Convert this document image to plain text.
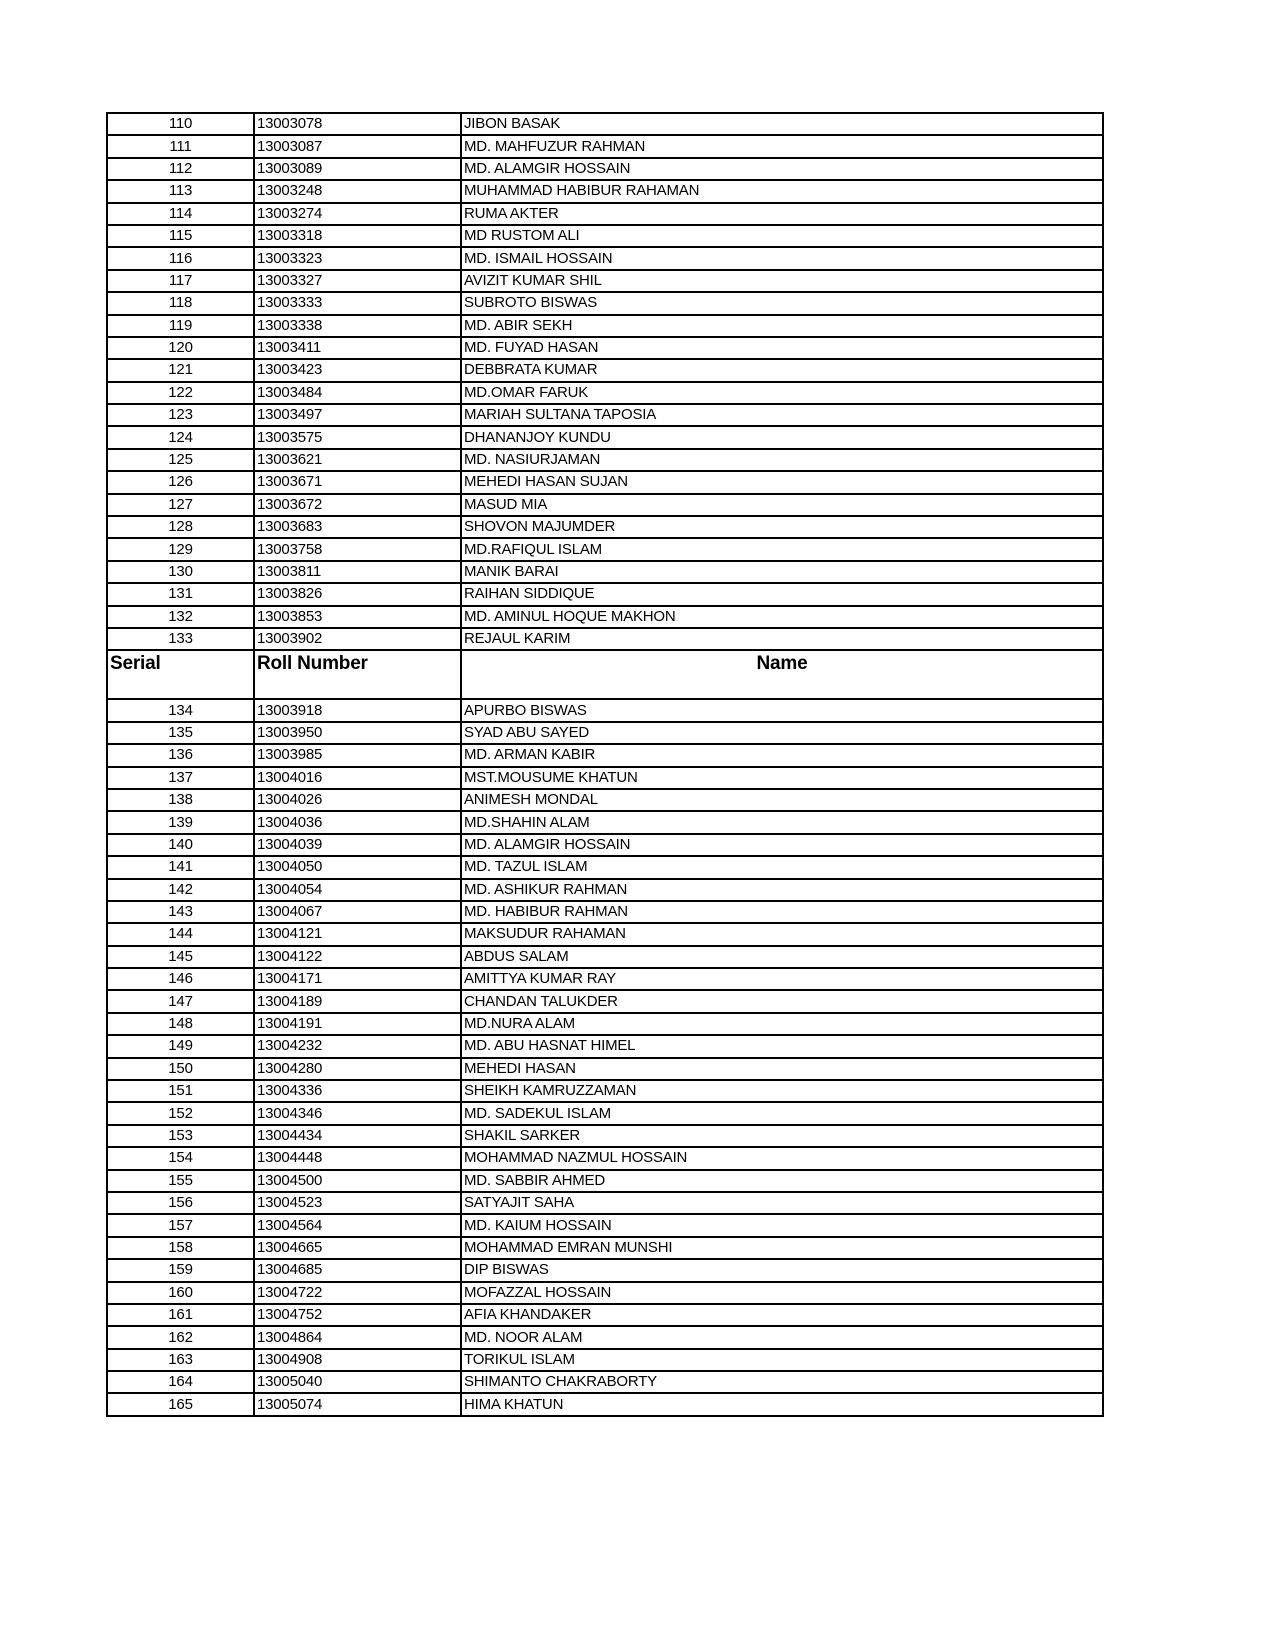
110	13003078	JIBON BASAK
111	13003087	MD. MAHFUZUR RAHMAN
112	13003089	MD. ALAMGIR HOSSAIN
113	13003248	MUHAMMAD HABIBUR RAHAMAN
114	13003274	RUMA AKTER
115	13003318	MD RUSTOM ALI
116	13003323	MD. ISMAIL HOSSAIN
117	13003327	AVIZIT KUMAR SHIL
118	13003333	SUBROTO BISWAS
119	13003338	MD. ABIR SEKH
120	13003411	MD. FUYAD HASAN
121	13003423	DEBBRATA KUMAR
122	13003484	MD.OMAR FARUK
123	13003497	MARIAH SULTANA TAPOSIA
124	13003575	DHANANJOY KUNDU
125	13003621	MD. NASIURJAMAN
126	13003671	MEHEDI HASAN SUJAN
127	13003672	MASUD MIA
128	13003683	SHOVON MAJUMDER
129	13003758	MD.RAFIQUL ISLAM
130	13003811	MANIK BARAI
131	13003826	RAIHAN SIDDIQUE
132	13003853	MD. AMINUL HOQUE MAKHON
133	13003902	REJAUL KARIM
Serial	Roll Number	Name
134	13003918	APURBO BISWAS
135	13003950	SYAD ABU SAYED
136	13003985	MD. ARMAN KABIR
137	13004016	MST.MOUSUME KHATUN
138	13004026	ANIMESH MONDAL
139	13004036	MD.SHAHIN ALAM
140	13004039	MD. ALAMGIR HOSSAIN
141	13004050	MD. TAZUL ISLAM
142	13004054	MD. ASHIKUR RAHMAN
143	13004067	MD. HABIBUR RAHMAN
144	13004121	MAKSUDUR RAHAMAN
145	13004122	ABDUS SALAM
146	13004171	AMITTYA KUMAR RAY
147	13004189	CHANDAN TALUKDER
148	13004191	MD.NURA ALAM
149	13004232	MD. ABU HASNAT HIMEL
150	13004280	MEHEDI HASAN
151	13004336	SHEIKH KAMRUZZAMAN
152	13004346	MD. SADEKUL ISLAM
153	13004434	SHAKIL SARKER
154	13004448	MOHAMMAD NAZMUL HOSSAIN
155	13004500	MD. SABBIR AHMED
156	13004523	SATYAJIT SAHA
157	13004564	MD. KAIUM HOSSAIN
158	13004665	MOHAMMAD EMRAN MUNSHI
159	13004685	DIP BISWAS
160	13004722	MOFAZZAL HOSSAIN
161	13004752	AFIA KHANDAKER
162	13004864	MD. NOOR ALAM
163	13004908	TORIKUL ISLAM
164	13005040	SHIMANTO CHAKRABORTY
165	13005074	HIMA KHATUN
